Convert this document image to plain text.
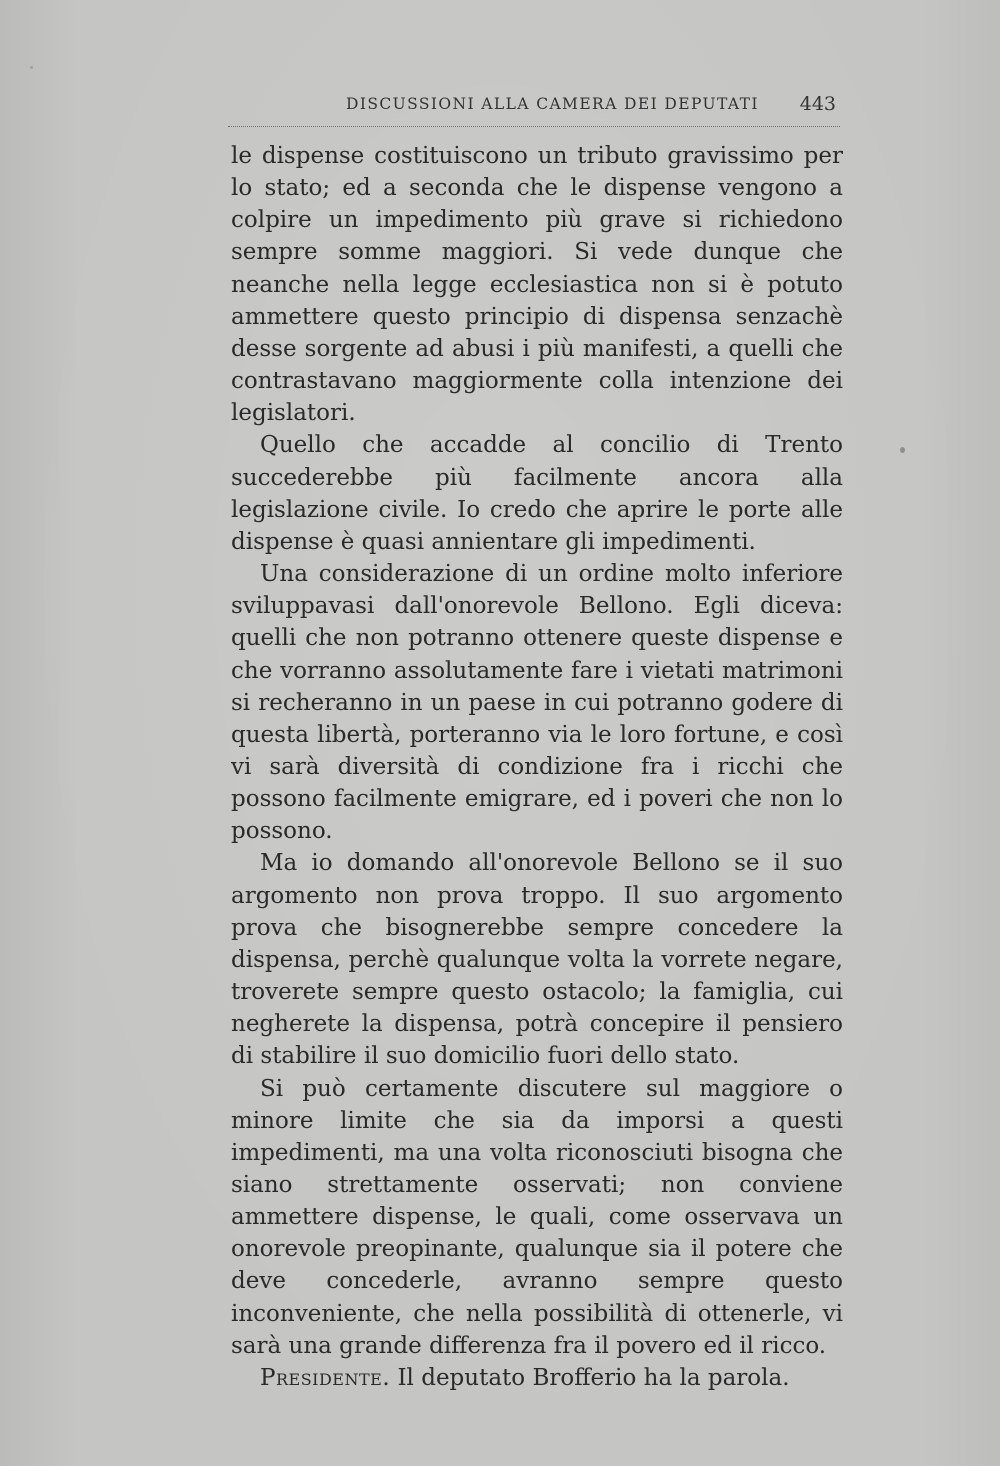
DISCUSSIONI ALLA CAMERA DEI DEPUTATI 443

le dispense costituiscono un tributo gravissimo per lo stato; ed a seconda che le dispense vengono a colpire un impedimento più grave si richiedono sempre somme maggiori. Si vede dunque che neanche nella legge ecclesiastica non si è potuto ammettere questo principio di dispensa senzachè desse sorgente ad abusi i più manifesti, a quelli che contrastavano maggiormente colla intenzione dei legislatori.

Quello che accadde al concilio di Trento succederebbe più facilmente ancora alla legislazione civile. Io credo che aprire le porte alle dispense è quasi annientare gli impedimenti.

Una considerazione di un ordine molto inferiore sviluppavasi dall'onorevole Bellono. Egli diceva: quelli che non potranno ottenere queste dispense e che vorranno assolutamente fare i vietati matrimoni si recheranno in un paese in cui potranno godere di questa libertà, porteranno via le loro fortune, e così vi sarà diversità di condizione fra i ricchi che possono facilmente emigrare, ed i poveri che non lo possono.

Ma io domando all'onorevole Bellono se il suo argomento non prova troppo. Il suo argomento prova che bisognerebbe sempre concedere la dispensa, perchè qualunque volta la vorrete negare, troverete sempre questo ostacolo; la famiglia, cui negherete la dispensa, potrà concepire il pensiero di stabilire il suo domicilio fuori dello stato.

Si può certamente discutere sul maggiore o minore limite che sia da imporsi a questi impedimenti, ma una volta riconosciuti bisogna che siano strettamente osservati; non conviene ammettere dispense, le quali, come osservava un onorevole preopinante, qualunque sia il potere che deve concederle, avranno sempre questo inconveniente, che nella possibilità di ottenerle, vi sarà una grande differenza fra il povero ed il ricco.

Presidente. Il deputato Brofferio ha la parola.
